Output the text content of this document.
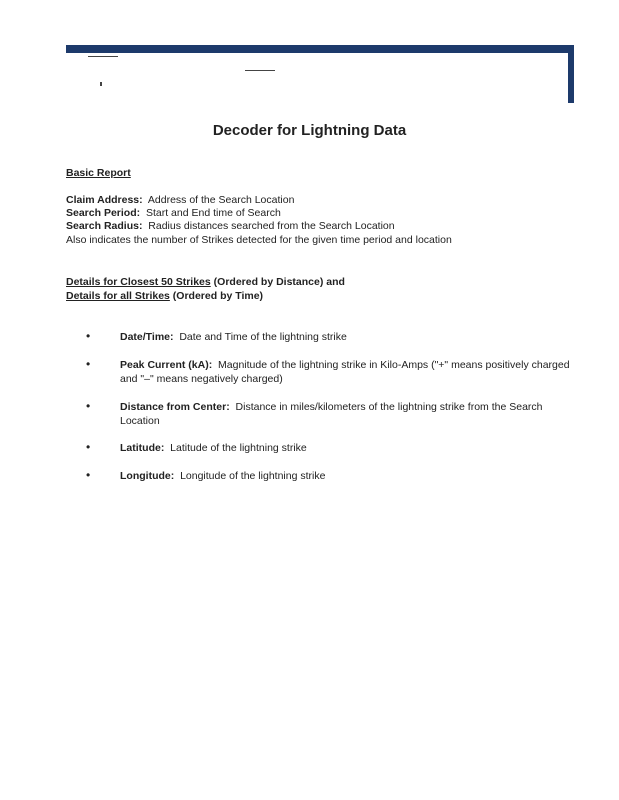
Decoder for Lightning Data
Basic Report
Claim Address: Address of the Search Location
Search Period: Start and End time of Search
Search Radius: Radius distances searched from the Search Location
Also indicates the number of Strikes detected for the given time period and location
Details for Closest 50 Strikes (Ordered by Distance) and
Details for all Strikes (Ordered by Time)
•	Date/Time: Date and Time of the lightning strike
•	Peak Current (kA): Magnitude of the lightning strike in Kilo-Amps ("+" means positively charged and "–" means negatively charged)
•	Distance from Center: Distance in miles/kilometers of the lightning strike from the Search Location
•	Latitude: Latitude of the lightning strike
•	Longitude: Longitude of the lightning strike
